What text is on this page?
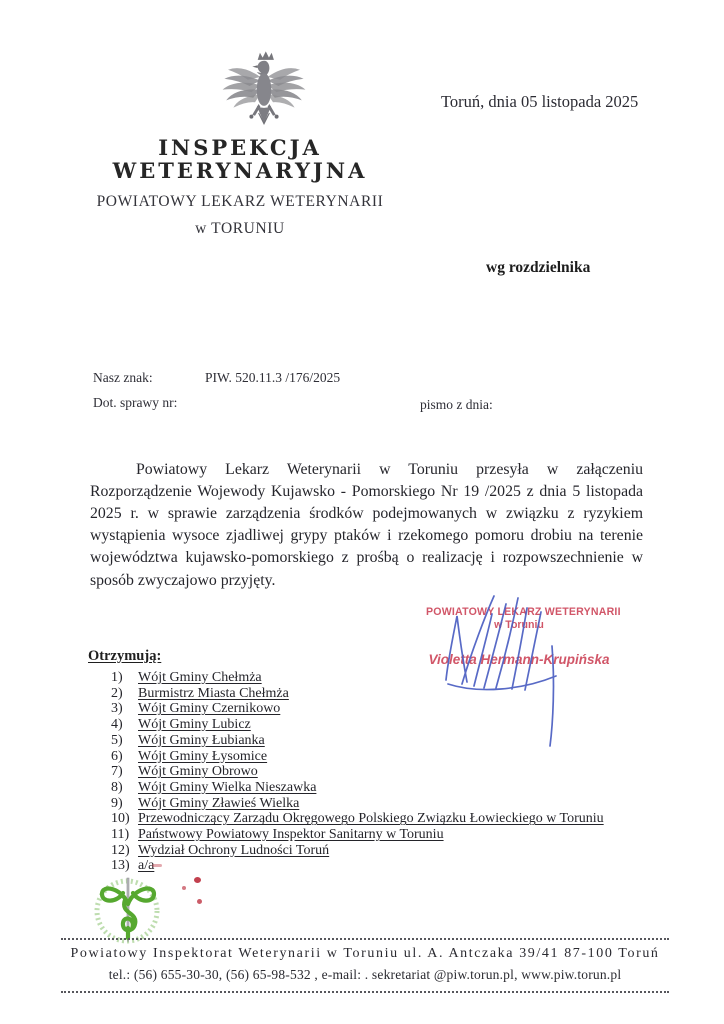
INSPEKCJA
WETERYNARYJNA
POWIATOWY LEKARZ WETERYNARII
w TORUNIU
Toruń, dnia 05 listopada 2025
wg rozdzielnika
Nasz znak:	PIW. 520.11.3 /176/2025
Dot. sprawy nr:	pismo z dnia:
Powiatowy Lekarz Weterynarii w Toruniu przesyła w załączeniu Rozporządzenie Wojewody Kujawsko - Pomorskiego Nr 19 /2025 z dnia 5 listopada 2025 r. w sprawie zarządzenia środków podejmowanych w związku z ryzykiem wystąpienia wysoce zjadliwej grypy ptaków i rzekomego pomoru drobiu na terenie województwa kujawsko-pomorskiego z prośbą o realizację i rozpowszechnienie w sposób zwyczajowo przyjęty.
POWIATOWY LEKARZ WETERYNARII
w Toruniu
Violetta Hermann-Krupińska
Otrzymują:
1)	Wójt Gminy Chełmża
2)	Burmistrz Miasta Chełmża
3)	Wójt Gminy Czernikowo
4)	Wójt Gminy Lubicz
5)	Wójt Gminy Łubianka
6)	Wójt Gminy Łysomice
7)	Wójt Gminy Obrowo
8)	Wójt Gminy Wielka Nieszawka
9)	Wójt Gminy Zławieś Wielka
10) Przewodniczący Zarządu Okręgowego Polskiego Związku Łowieckiego w Toruniu
11) Państwowy Powiatowy Inspektor Sanitarny w Toruniu
12) Wydział Ochrony Ludności Toruń
13) a/a
Powiatowy Inspektorat Weterynarii w Toruniu ul. A. Antczaka 39/41 87-100 Toruń
tel.: (56) 655-30-30, (56) 65-98-532 , e-mail: . sekretariat @piw.torun.pl, www.piw.torun.pl
